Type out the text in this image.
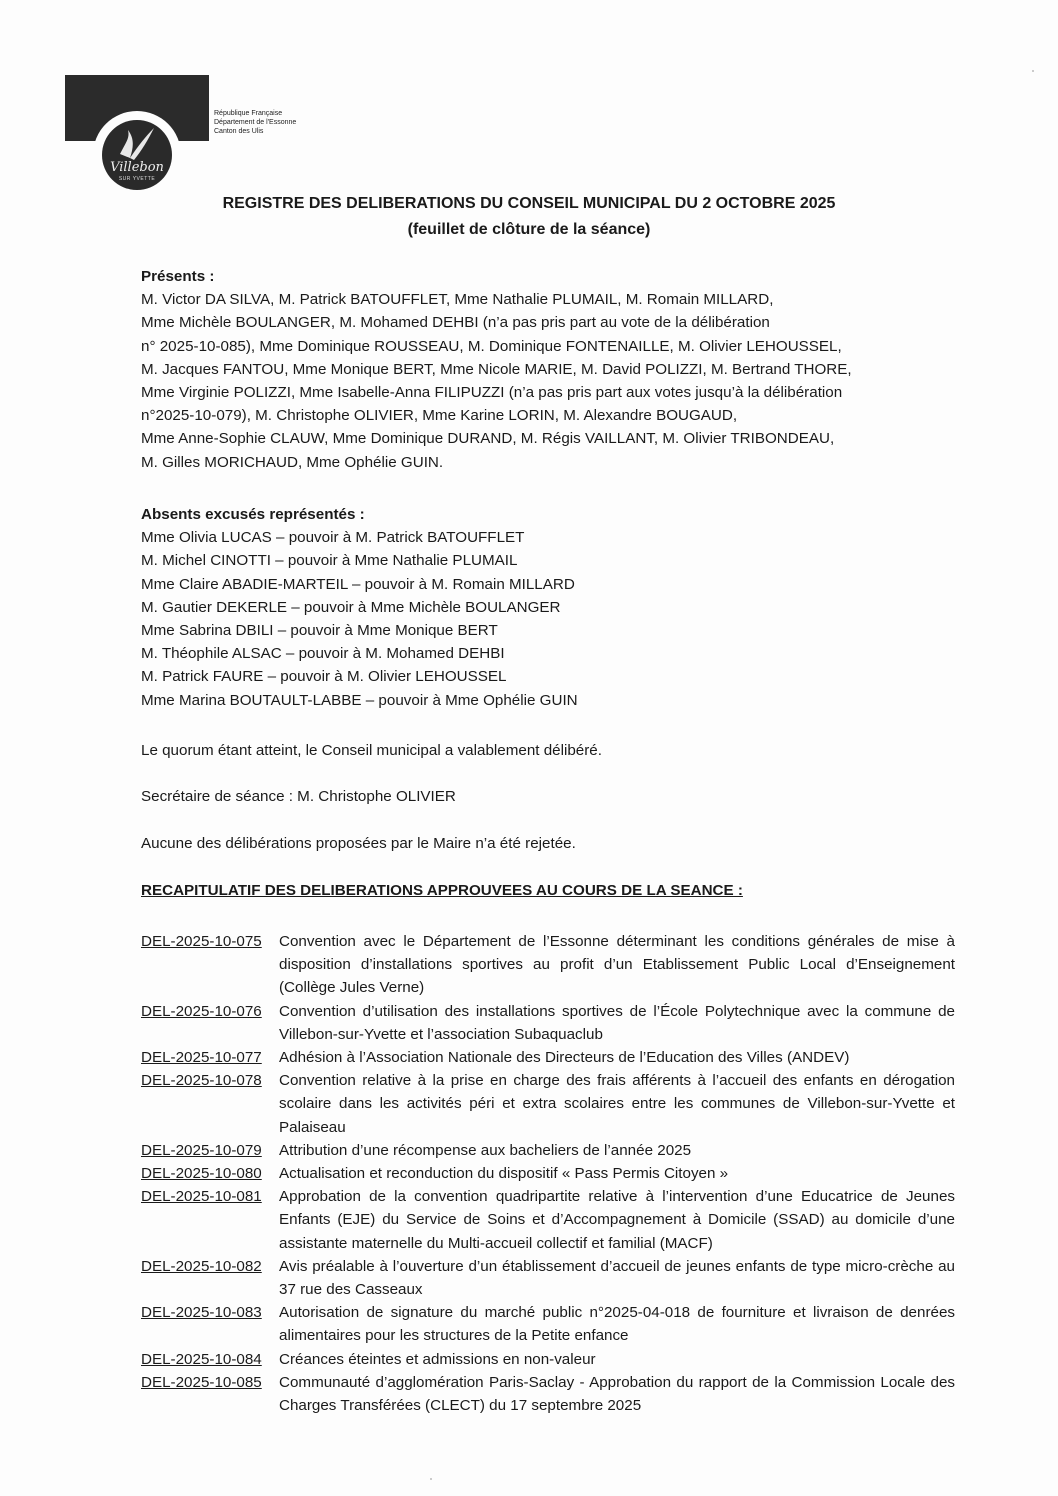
Villebon
SUR YVETTE
République Française
Département de l'Essonne
Canton des Ulis
REGISTRE DES DELIBERATIONS DU CONSEIL MUNICIPAL DU 2 OCTOBRE 2025
(feuillet de clôture de la séance)
Présents :
M. Victor DA SILVA, M. Patrick BATOUFFLET, Mme Nathalie PLUMAIL, M. Romain MILLARD,
Mme Michèle BOULANGER, M. Mohamed DEHBI (n’a pas pris part au vote de la délibération
n° 2025-10-085), Mme Dominique ROUSSEAU, M. Dominique FONTENAILLE, M. Olivier LEHOUSSEL,
M. Jacques FANTOU, Mme Monique BERT, Mme Nicole MARIE, M. David POLIZZI, M. Bertrand THORE,
Mme Virginie POLIZZI, Mme Isabelle-Anna FILIPUZZI (n’a pas pris part aux votes jusqu’à la délibération
n°2025-10-079), M. Christophe OLIVIER, Mme Karine LORIN, M. Alexandre BOUGAUD,
Mme Anne-Sophie CLAUW, Mme Dominique DURAND, M. Régis VAILLANT, M. Olivier TRIBONDEAU,
M. Gilles MORICHAUD, Mme Ophélie GUIN.
Absents excusés représentés :
Mme Olivia LUCAS – pouvoir à M. Patrick BATOUFFLET
M. Michel CINOTTI – pouvoir à Mme Nathalie PLUMAIL
Mme Claire ABADIE-MARTEIL – pouvoir à M. Romain MILLARD
M. Gautier DEKERLE – pouvoir à Mme Michèle BOULANGER
Mme Sabrina DBILI – pouvoir à Mme Monique BERT
M. Théophile ALSAC – pouvoir à M. Mohamed DEHBI
M. Patrick FAURE – pouvoir à M. Olivier LEHOUSSEL
Mme Marina BOUTAULT-LABBE – pouvoir à Mme Ophélie GUIN
Le quorum étant atteint, le Conseil municipal a valablement délibéré.
Secrétaire de séance : M. Christophe OLIVIER
Aucune des délibérations proposées par le Maire n’a été rejetée.
RECAPITULATIF DES DELIBERATIONS APPROUVEES AU COURS DE LA SEANCE :
DEL-2025-10-075	Convention avec le Département de l’Essonne déterminant les conditions générales de mise à disposition d’installations sportives au profit d’un Etablissement Public Local d’Enseignement (Collège Jules Verne)
DEL-2025-10-076	Convention d’utilisation des installations sportives de l’École Polytechnique avec la commune de Villebon-sur-Yvette et l’association Subaquaclub
DEL-2025-10-077	Adhésion à l’Association Nationale des Directeurs de l’Education des Villes (ANDEV)
DEL-2025-10-078	Convention relative à la prise en charge des frais afférents à l’accueil des enfants en dérogation scolaire dans les activités péri et extra scolaires entre les communes de Villebon-sur-Yvette et Palaiseau
DEL-2025-10-079	Attribution d’une récompense aux bacheliers de l’année 2025
DEL-2025-10-080	Actualisation et reconduction du dispositif « Pass Permis Citoyen »
DEL-2025-10-081	Approbation de la convention quadripartite relative à l’intervention d’une Educatrice de Jeunes Enfants (EJE) du Service de Soins et d’Accompagnement à Domicile (SSAD) au domicile d’une assistante maternelle du Multi-accueil collectif et familial (MACF)
DEL-2025-10-082	Avis préalable à l’ouverture d’un établissement d’accueil de jeunes enfants de type micro-crèche au 37 rue des Casseaux
DEL-2025-10-083	Autorisation de signature du marché public n°2025-04-018 de fourniture et livraison de denrées alimentaires pour les structures de la Petite enfance
DEL-2025-10-084	Créances éteintes et admissions en non-valeur
DEL-2025-10-085	Communauté d’agglomération Paris-Saclay - Approbation du rapport de la Commission Locale des Charges Transférées (CLECT) du 17 septembre 2025
